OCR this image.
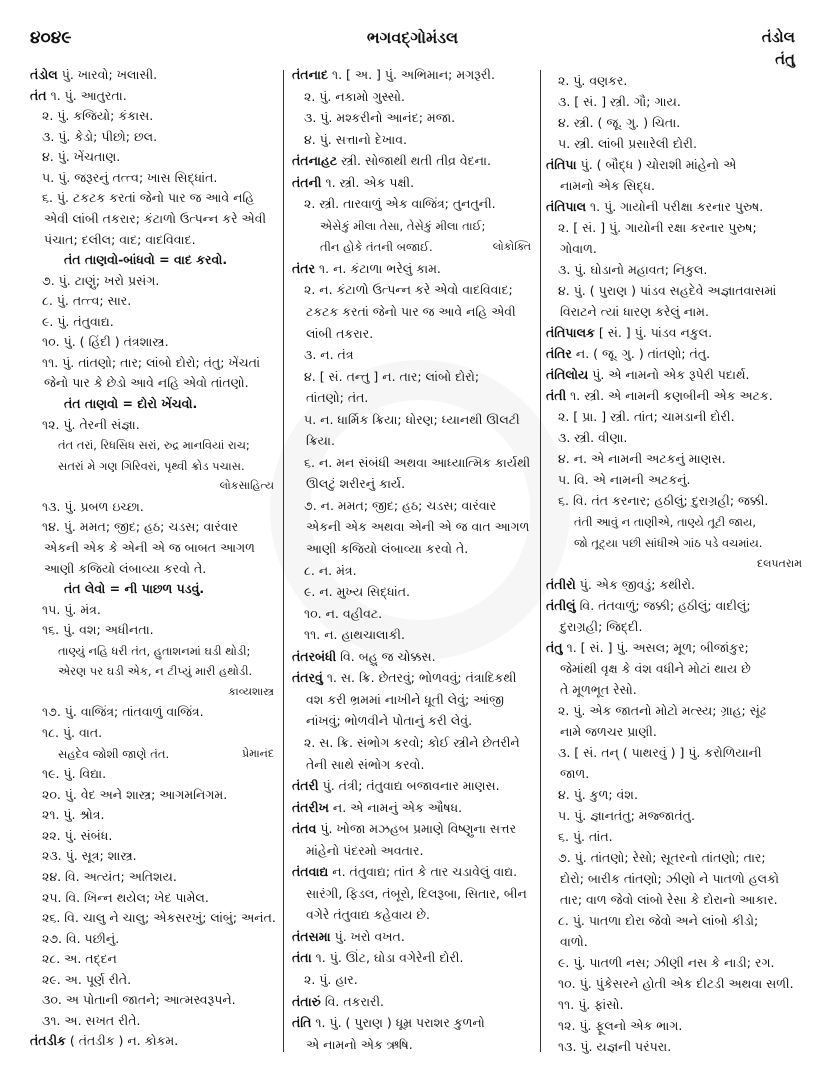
૪૦૪૯	ભગવદ્ગોમંડલ	તંડોલ
તંતુ
તંડોલ પું. ખારવો; ખલાસી.
તંત ૧. પું. આતુરતા.
૨. પું. કજિયો; કંકાસ.
૩. પું. કેડો; પીછો; છલ.
૪. પું. ખેંચતાણ.
૫. પું. જરૂરનું તત્ત્વ; ખાસ સિદ્ધાંત.
૬. પું. ટકટક કરતાં જેનો પાર જ આવે નહિ
એવી લાંબી તકરાર; કંટાળો ઉત્પન્ન કરે એવી
પંચાત; દલીલ; વાદ; વાદવિવાદ.
તંત તાણવો-બાંધવો = વાદ કરવો.
૭. પું. ટાણું; ખરો પ્રસંગ.
૮. પું. તત્ત્વ; સાર.
૯. પું. તંતુવાદ્ય.
૧૦. પું. ( હિંદી ) તંત્રશાસ્ત્ર.
૧૧. પું. તાંતણો; તાર; લાંબો દોરો; તંતુ; ખેંચતાં
જેનો પાર કે છેડો આવે નહિ એવો તાંતણો.
તંત તાણવો = દોરો ખેંચવો.
૧૨. પું. તેરની સંજ્ઞા.
તંત તરાં, રિધસિધ સરાં, રુદ્ર માનવિયાં રાચ;
સતરાં મે ગણ ગિરિવરાં, પૃથ્વી ક્રોડ પચાસ.
લોકસાહિત્ય
૧૩. પું. પ્રબળ ઇચ્છા.
૧૪. પું. મમત; જીદ; હઠ; ચડસ; વારંવાર
એકની એક કે એની એ જ બાબત આગળ
આણી કજિયો લંબાવ્યા કરવો તે.
તંત લેવો = ની પાછળ પડવું.
૧૫. પું. મંત્ર.
૧૬. પું. વશ; અધીનતા.
તાણ્યું નહિ ધરી તંત, હુતાશનમાં ઘડી થોડી;
એરણ પર ઘડી એક, ન ટીપ્યું મારી હથોડી.
કાવ્યશાસ્ત્ર
૧૭. પું. વાજિંત્ર; તાંતવાળું વાજિંત્ર.
૧૮. પું. વાત.
પ્રેમાનંદ
સહદેવ જોશી જાણે તંત.
૧૯. પું. વિદ્યા.
૨૦. પું. વેદ અને શાસ્ત્ર; આગમનિગમ.
૨૧. પું. શ્રોત્ર.
૨૨. પું. સંબંધ.
૨૩. પું. સૂત્ર; શાસ્ત્ર.
૨૪. વિ. અત્યંત; અતિશય.
૨૫. વિ. ખિન્ન થયેલ; ખેદ પામેલ.
૨૬. વિ. ચાલુ ને ચાલુ; એકસરખું; લાંબું; અનંત.
૨૭. વિ. પછીનું.
૨૮. અ. તદ્દન
૨૯. અ. પૂર્ણ રીતે.
૩૦. અ પોતાની જાતને; આત્મસ્વરૂપને.
૩૧. અ. સખત રીતે.
તંતડીક ( તંતડીક ) ન. કોકમ.
તંતનાદ ૧. [ અ. ] પું. અભિમાન; મગરૂરી.
૨. પું. નકામો ગુસ્સો.
૩. પું. મશ્કરીનો આનંદ; મજા.
૪. પું. સત્તાનો દેખાવ.
તંતનાહટ સ્ત્રી. સોજાથી થતી તીવ્ર વેદના.
તંતની ૧. સ્ત્રી. એક પક્ષી.
૨. સ્ત્રી. તારવાળું એક વાજિંત્ર; તુનતુની.
એસેકું મીલા તેસા, તેસેકું મીલા તાઈ;
લોકોક્તિ
તીન હોકે તંતની બજાઈ.
તંતર ૧. ન. કંટાળા ભરેલું કામ.
૨. ન. કંટાળો ઉત્પન્ન કરે એવો વાદવિવાદ;
ટકટક કરતાં જેનો પાર જ આવે નહિ એવી
લાંબી તકરાર.
૩. ન. તંત્ર
૪. [ સં. તન્તુ ] ન. તાર; લાંબો દોરો;
તાંતણો; તંત.
૫. ન. ધાર્મિક ક્રિયા; ધોરણ; ધ્યાનથી ઊલટી
ક્રિયા.
૬. ન. મન સંબંધી અથવા આધ્યાત્મિક કાર્યથી
ઊલટું શરીરનું કાર્ય.
૭. ન. મમત; જીદ; હઠ; ચડસ; વારંવાર
એકની એક અથવા એની એ જ વાત આગળ
આણી કજિયો લંબાવ્યા કરવો તે.
૮. ન. મંત્ર.
૯. ન. મુખ્ય સિદ્ધાંત.
૧૦. ન. વહીવટ.
૧૧. ન. હાથચાલાકી.
તંતરબંધી વિ. બહુ જ ચોક્કસ.
તંતરવું ૧. સ. ક્રિ. છેતરવું; ભોળવવું; તંત્રાદિકથી
વશ કરી ભ્રમમાં નાખીને ધૂતી લેવું; આંજી
નાંખવું; ભોળવીને પોતાનું કરી લેવું.
૨. સ. ક્રિ. સંભોગ કરવો; કોઈ સ્ત્રીને છેતરીને
તેની સાથે સંભોગ કરવો.
તંતરી પું. તંત્રી; તંતુવાદ્ય બજાવનાર માણસ.
તંતરીખ ન. એ નામનું એક ઔષધ.
તંતવ પું. ખોજા મઝહબ પ્રમાણે વિષ્ણુના સત્તર
માંહેનો પંદરમો અવતાર.
તંતવાદ્ય ન. તંતુવાદ્ય; તાંત કે તાર ચડાવેલું વાદ્ય.
સારંગી, ફિડલ, તંબૂરો, દિલરૂબા, સિતાર, બીન
વગેરે તંતુવાદ્ય કહેવાય છે.
તંતસમા પું. ખરો વખત.
તંતા ૧. પું. ઊંટ, ઘોડા વગેરેની દોરી.
૨. પું. હાર.
તંતારું વિ. તકરારી.
તંતિ ૧. પું. ( પુરાણ ) ધૂમ્ર પરાશર કુળનો
એ નામનો એક ઋષિ.
૨. પું. વણકર.
૩. [ સં. ] સ્ત્રી. ગૌ; ગાય.
૪. સ્ત્રી. ( જૂ. ગુ. ) ચિતા.
૫. સ્ત્રી. લાંબી પ્રસારેલી દોરી.
તંતિપા પું. ( બૌદ્ધ ) ચોરાશી માંહેનો એ
નામનો એક સિદ્ધ.
તંતિપાલ ૧. પું. ગાયોની પરીક્ષા કરનાર પુરુષ.
૨. [ સં. ] પું. ગાયોની રક્ષા કરનાર પુરુષ;
ગોવાળ.
૩. પું. ઘોડાનો મહાવત; નિકુલ.
૪. પું. ( પુરાણ ) પાંડવ સહદેવે અજ્ઞાતવાસમાં
વિરાટને ત્યાં ધારણ કરેલું નામ.
તંતિપાલક [ સં. ] પું. પાંડવ નકુલ.
તંતિર ન. ( જૂ. ગુ. ) તાંતણો; તંતુ.
તંતિલોય પું. એ નામનો એક રૂપેરી પદાર્થ.
તંતી ૧. સ્ત્રી. એ નામની કણબીની એક અટક.
૨. [ પ્રા. ] સ્ત્રી. તાંત; ચામડાની દોરી.
૩. સ્ત્રી. વીણા.
૪. ન. એ નામની અટકનું માણસ.
૫. વિ. એ નામની અટકનું.
૬. વિ. તંત કરનાર; હઠીલું; દુરાગ્રહી; જક્કી.
તંતી આવું ન તાણીએ, તાણ્યે તૂટી જાય,
જો તૂટ્યા પછી સાંધીએ ગાંઠ પડે વચમાંય.
દલપતરામ
તંતીરો પું. એક જીવડું; કથીરો.
તંતીલું વિ. તંતવાળું; જક્કી; હઠીલું; વાદીલું;
દુરાગ્રહી; જિદ્દી.
તંતુ ૧. [ સં. ] પું. અસલ; મૂળ; બીજાંકુર;
જેમાંથી વૃક્ષ કે વંશ વધીને મોટાં થાય છે
તે મૂળભૂત રેસો.
૨. પું. એક જાતનો મોટો મત્સ્ય; ગ્રાહ; સૂંઢ
નામે જળચર પ્રાણી.
૩. [ સં. તન્ ( પાથરવું ) ] પું. કરોળિયાની
જાળ.
૪. પું. કુળ; વંશ.
૫. પું. જ્ઞાનતંતુ; મજ્જાતંતુ.
૬. પું. તાંત.
૭. પું. તાંતણો; રેસો; સૂતરનો તાંતણો; તાર;
દોરો; બારીક તાંતણો; ઝીણો ને પાતળો હલકો
તાર; વાળ જેવો લાંબો રેસા કે દોરાનો આકાર.
૮. પું. પાતળા દોરા જેવો અને લાંબો કીડો;
વાળો.
૯. પું. પાતળી નસ; ઝીણી નસ કે નાડી; રગ.
૧૦. પું. પુંકેસરને હોતી એક દીટડી અથવા સળી.
૧૧. પું. ફાંસો.
૧૨. પું. ફૂલનો એક ભાગ.
૧૩. પું. યજ્ઞની પરંપરા.
